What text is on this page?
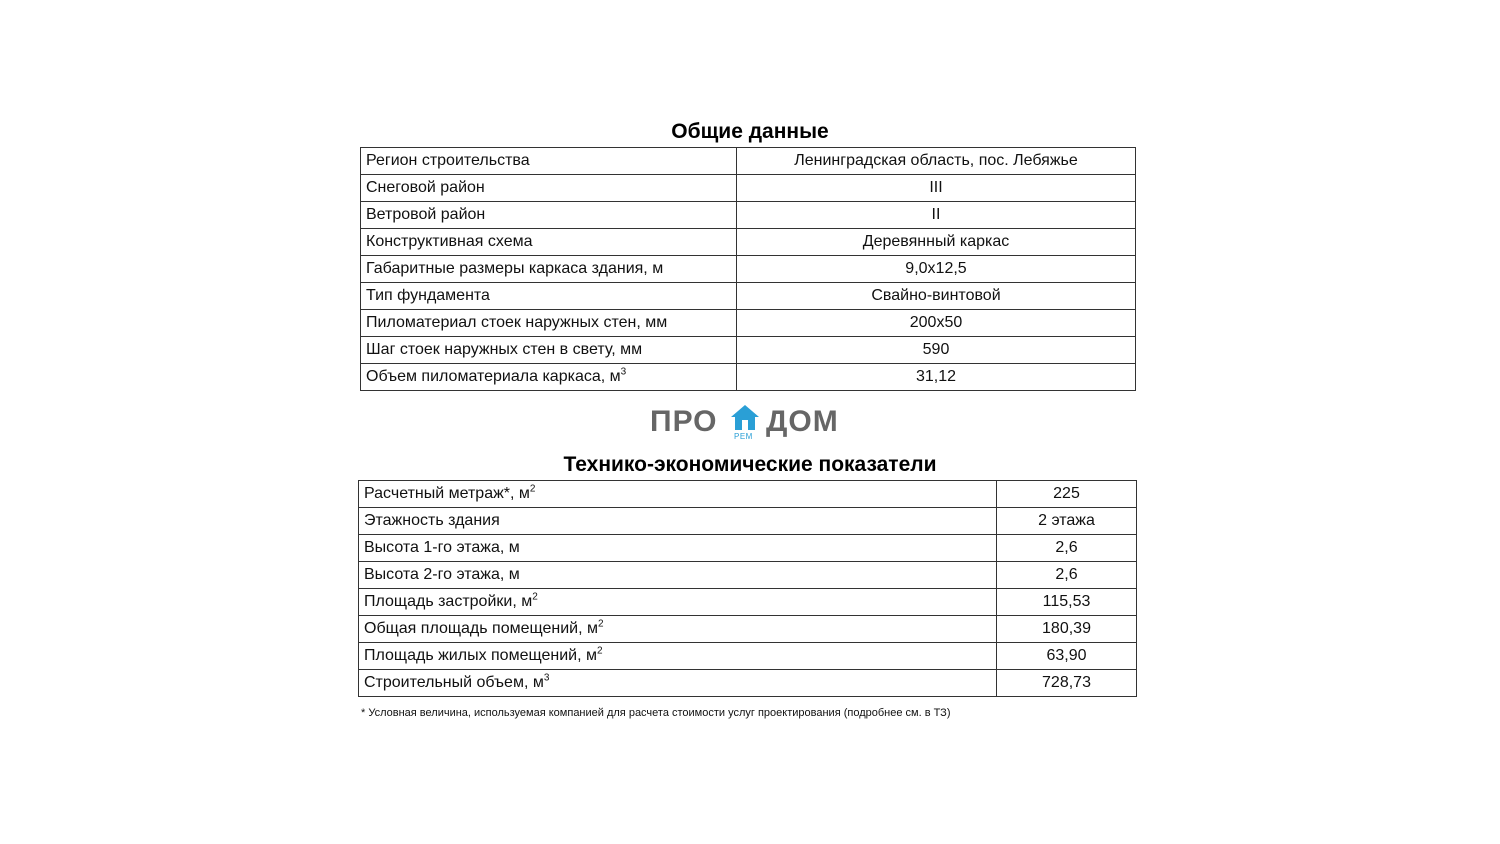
Общие данные
Регион строительства	Ленинградская область, пос. Лебяжье
Снеговой район	III
Ветровой район	II
Конструктивная схема	Деревянный каркас
Габаритные размеры каркаса здания, м	9,0х12,5
Тип фундамента	Свайно-винтовой
Пиломатериал стоек наружных стен, мм	200х50
Шаг стоек наружных стен в свету, мм	590
Объем пиломатериала каркаса, $м^3$	31,12
ПРО РЕМ ДОМ
Технико-экономические показатели
Расчетный метраж*, $м^2$	225
Этажность здания	2 этажа
Высота 1-го этажа, м	2,6
Высота 2-го этажа, м	2,6
Площадь застройки, $м^2$	115,53
Общая площадь помещений, $м^2$	180,39
Площадь жилых помещений, $м^2$	63,90
Строительный объем, $м^3$	728,73
* Условная величина, используемая компанией для расчета стоимости услуг проектирования (подробнее см. в ТЗ)
